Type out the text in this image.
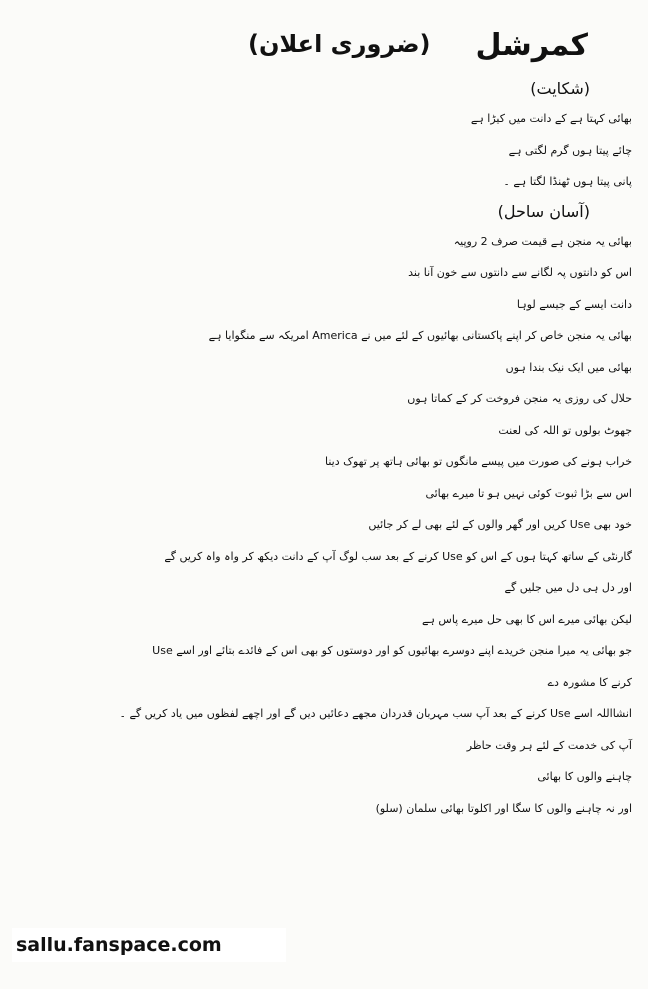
کمرشل
(ضروری اعلان)
(شکایت)
بھائی کہتا ہے کے دانت میں کیڑا ہے
چائے پیتا ہوں گرم لگتی ہے
پانی پیتا ہوں ٹھنڈا لگتا ہے ۔
(آسان ساحل)
بھائی یہ منجن ہے قیمت صرف 2 روپیہ
اس کو دانتوں پہ لگانے سے دانتوں سے خون آنا بند
دانت ایسے کے جیسے لوہا
بھائی یہ منجن خاص کر اپنے پاکستانی بھائیوں کے لئے میں نے America امریکہ سے منگوایا ہے
بھائی میں ایک نیک بندا ہوں
حلال کی روزی یہ منجن فروخت کر کے کماتا ہوں
جھوٹ بولوں تو اللہ کی لعنت
خراب ہونے کی صورت میں پیسے مانگوں تو بھائی ہاتھ پر تھوک دینا
اس سے بڑا ثبوت کوئی نہیں ہو تا میرے بھائی
خود بھی Use کریں اور گھر والوں کے لئے بھی لے کر جائیں
گارنٹی کے ساتھ کہتا ہوں کے اس کو Use کرنے کے بعد سب لوگ آپ کے دانت دیکھ کر واہ واہ کریں گے
اور دل ہی دل میں جلیں گے
لیکن بھائی میرے اس کا بھی حل میرے پاس ہے
جو بھائی یہ میرا منجن خریدے اپنے دوسرے بھائیوں کو اور دوستوں کو بھی اس کے فائدے بتائے اور اسے Use
کرنے کا مشورہ دے
انشااللہ اسے Use کرنے کے بعد آپ سب مہربان قدردان مجھے دعائیں دیں گے اور اچھے لفظوں میں یاد کریں گے ۔
آپ کی خدمت کے لئے ہر وقت حاظر
چاہنے والوں کا بھائی
اور نہ چاہنے والوں کا سگا اور اکلوتا بھائی سلمان (سلو)
sallu.fanspace.com
